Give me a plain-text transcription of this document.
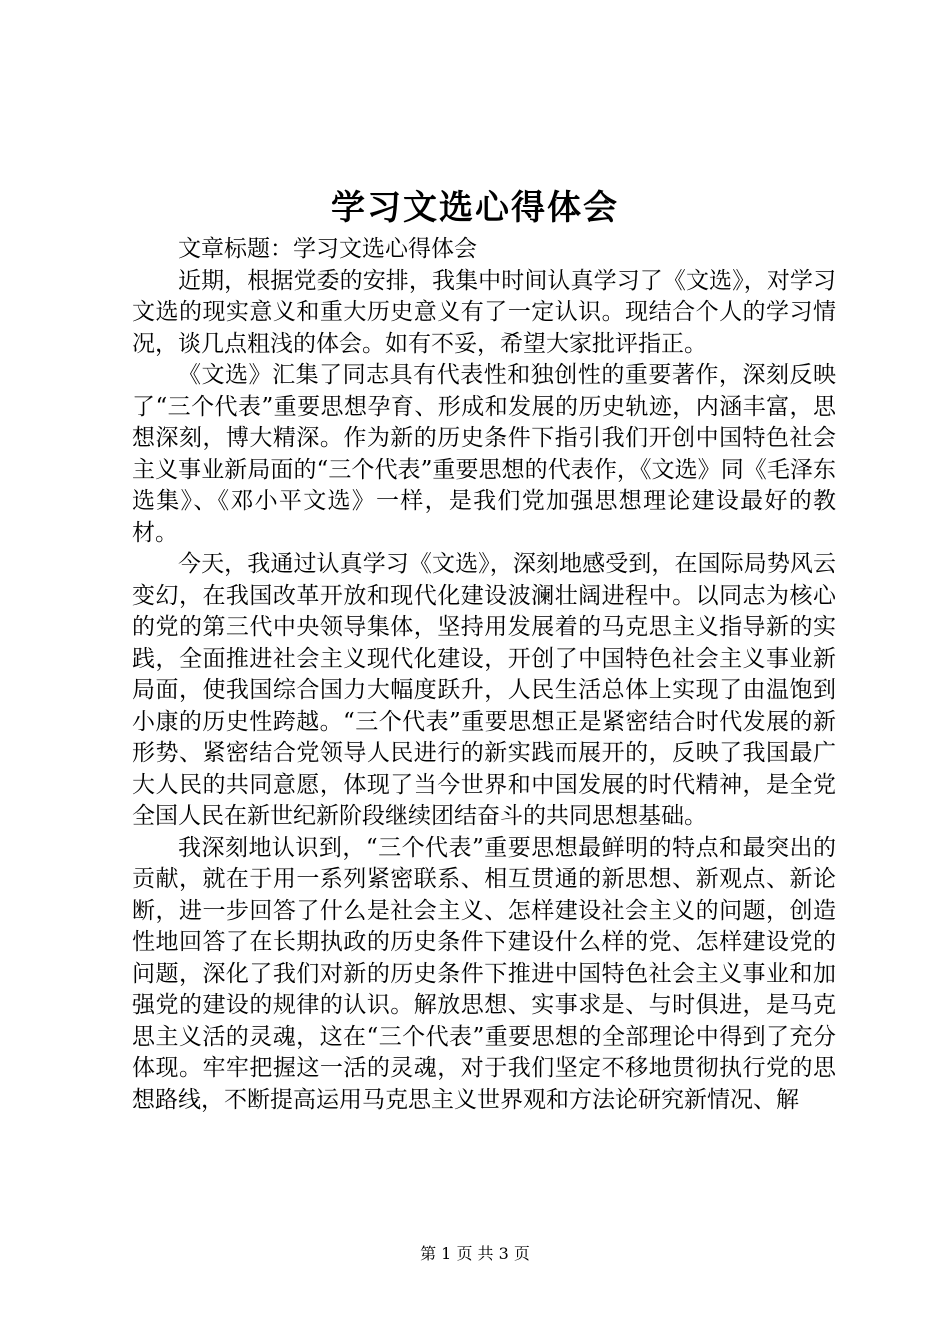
学习文选心得体会

文章标题：学习文选心得体会

近期，根据党委的安排，我集中时间认真学习了《文选》，对学习文选的现实意义和重大历史意义有了一定认识。现结合个人的学习情况，谈几点粗浅的体会。如有不妥，希望大家批评指正。

《文选》汇集了同志具有代表性和独创性的重要著作，深刻反映了“三个代表”重要思想孕育、形成和发展的历史轨迹，内涵丰富，思想深刻，博大精深。作为新的历史条件下指引我们开创中国特色社会主义事业新局面的“三个代表”重要思想的代表作，《文选》同《毛泽东选集》、《邓小平文选》一样，是我们党加强思想理论建设最好的教材。

今天，我通过认真学习《文选》，深刻地感受到，在国际局势风云变幻，在我国改革开放和现代化建设波澜壮阔进程中。以同志为核心的党的第三代中央领导集体，坚持用发展着的马克思主义指导新的实践，全面推进社会主义现代化建设，开创了中国特色社会主义事业新局面，使我国综合国力大幅度跃升，人民生活总体上实现了由温饱到小康的历史性跨越。“三个代表”重要思想正是紧密结合时代发展的新形势、紧密结合党领导人民进行的新实践而展开的，反映了我国最广大人民的共同意愿，体现了当今世界和中国发展的时代精神，是全党全国人民在新世纪新阶段继续团结奋斗的共同思想基础。

我深刻地认识到，“三个代表”重要思想最鲜明的特点和最突出的贡献，就在于用一系列紧密联系、相互贯通的新思想、新观点、新论断，进一步回答了什么是社会主义、怎样建设社会主义的问题，创造性地回答了在长期执政的历史条件下建设什么样的党、怎样建设党的问题，深化了我们对新的历史条件下推进中国特色社会主义事业和加强党的建设的规律的认识。解放思想、实事求是、与时俱进，是马克思主义活的灵魂，这在“三个代表”重要思想的全部理论中得到了充分体现。牢牢把握这一活的灵魂，对于我们坚定不移地贯彻执行党的思想路线，不断提高运用马克思主义世界观和方法论研究新情况、解

第 1 页 共 3 页
